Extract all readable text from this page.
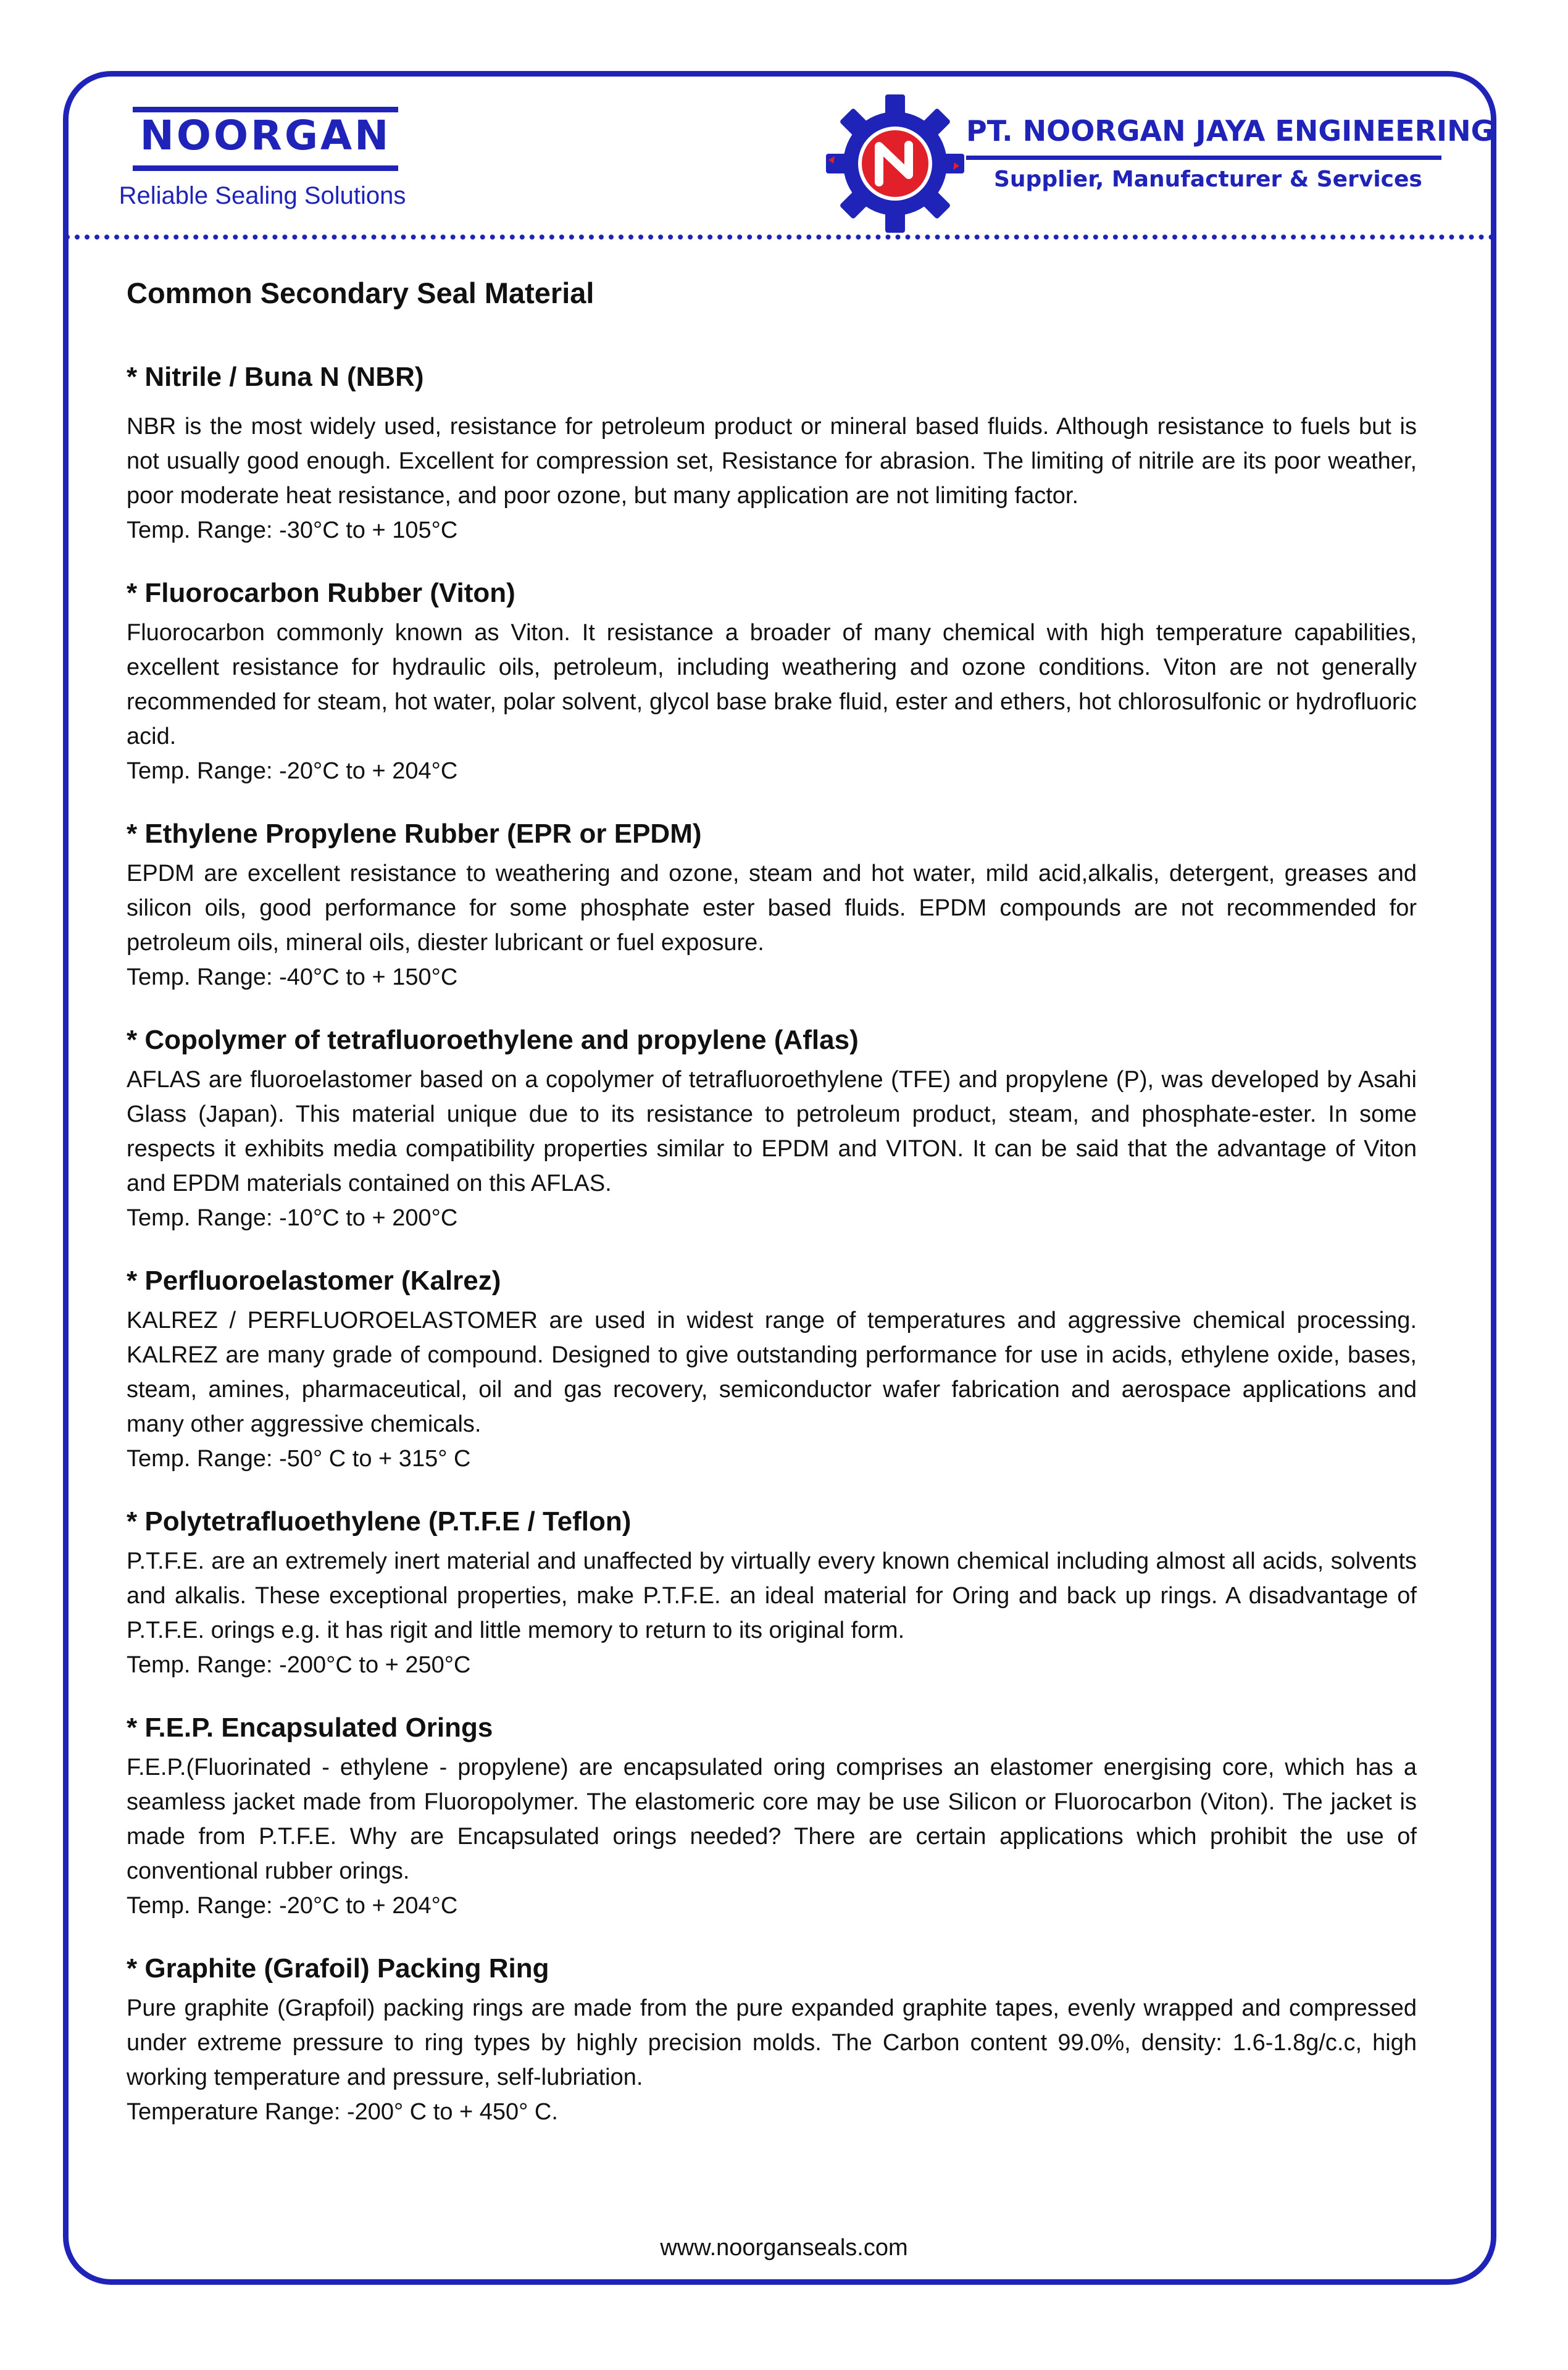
NOORGAN
Reliable Sealing Solutions
PT. NOORGAN JAYA ENGINEERING
Supplier, Manufacturer & Services

Common Secondary Seal Material

* Nitrile / Buna N (NBR)

NBR is the most widely used, resistance for petroleum product or mineral based fluids. Although resistance to fuels but is not usually good enough. Excellent for compression set, Resistance for abrasion. The limiting of nitrile are its poor weather, poor moderate heat resistance, and poor ozone, but many application are not limiting factor.

Temp. Range: -30°C to + 105°C

* Fluorocarbon Rubber (Viton)

Fluorocarbon commonly known as Viton. It resistance a broader of many chemical with high temperature capabilities, excellent resistance for hydraulic oils, petroleum, including weathering and ozone conditions. Viton are not generally recommended for steam, hot water, polar solvent, glycol base brake fluid, ester and ethers, hot chlorosulfonic or hydrofluoric acid.

Temp. Range: -20°C to + 204°C

* Ethylene Propylene Rubber (EPR or EPDM)

EPDM are excellent resistance to weathering and ozone, steam and hot water, mild acid,alkalis, detergent, greases and silicon oils, good performance for some phosphate ester based fluids. EPDM compounds are not recommended for petroleum oils, mineral oils, diester lubricant or fuel exposure.

Temp. Range: -40°C to + 150°C

* Copolymer of tetrafluoroethylene and propylene (Aflas)

AFLAS are fluoroelastomer based on a copolymer of tetrafluoroethylene (TFE) and propylene (P), was developed by Asahi Glass (Japan). This material unique due to its resistance to petroleum product, steam, and phosphate-ester. In some respects it exhibits media compatibility properties similar to EPDM and VITON. It can be said that the advantage of Viton and EPDM materials contained on this AFLAS.

Temp. Range: -10°C to + 200°C

* Perfluoroelastomer (Kalrez)

KALREZ / PERFLUOROELASTOMER are used in widest range of temperatures and aggressive chemical processing. KALREZ are many grade of compound. Designed to give outstanding performance for use in acids, ethylene oxide, bases, steam, amines, pharmaceutical, oil and gas recovery, semiconductor wafer fabrication and aerospace applications and many other aggressive chemicals.

Temp. Range: -50° C to + 315° C

* Polytetrafluoethylene (P.T.F.E / Teflon)

P.T.F.E. are an extremely inert material and unaffected by virtually every known chemical including almost all acids, solvents and alkalis. These exceptional properties, make P.T.F.E. an ideal material for Oring and back up rings. A disadvantage of P.T.F.E. orings e.g. it has rigit and little memory to return to its original form.

Temp. Range: -200°C to + 250°C

* F.E.P. Encapsulated Orings

F.E.P.(Fluorinated - ethylene - propylene) are encapsulated oring comprises an elastomer energising core, which has a seamless jacket made from Fluoropolymer. The elastomeric core may be use Silicon or Fluorocarbon (Viton). The jacket is made from P.T.F.E. Why are Encapsulated orings needed? There are certain applications which prohibit the use of conventional rubber orings.

Temp. Range: -20°C to + 204°C

* Graphite (Grafoil) Packing Ring

Pure graphite (Grapfoil) packing rings are made from the pure expanded graphite tapes, evenly wrapped and compressed under extreme pressure to ring types by highly precision molds. The Carbon content 99.0%, density: 1.6-1.8g/c.c, high working temperature and pressure, self-lubriation.

Temperature Range: -200° C to + 450° C.

www.noorganseals.com
